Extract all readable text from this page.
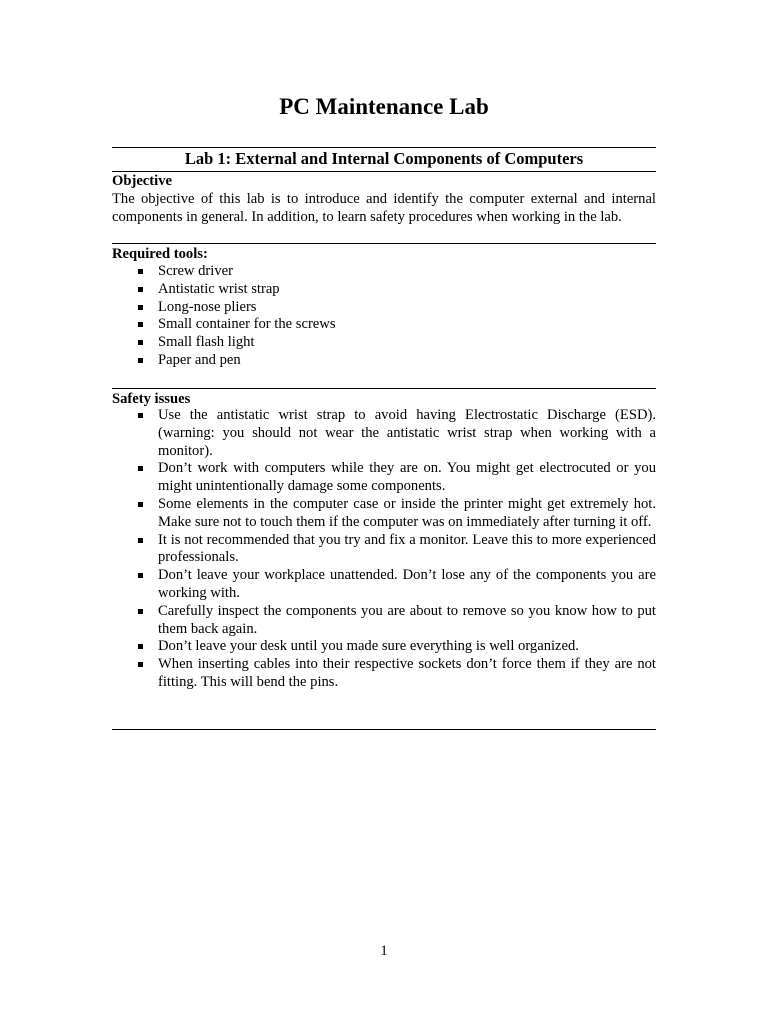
PC Maintenance Lab
Lab 1: External and Internal Components of Computers
Objective
The objective of this lab is to introduce and identify the computer external and internal components in general. In addition, to learn safety procedures when working in the lab.
Required tools:
Screw driver
Antistatic wrist strap
Long-nose pliers
Small container for the screws
Small flash light
Paper and pen
Safety issues
Use the antistatic wrist strap to avoid having Electrostatic Discharge (ESD). (warning: you should not wear the antistatic wrist strap when working with a monitor).
Don’t work with computers while they are on. You might get electrocuted or you might unintentionally damage some components.
Some elements in the computer case or inside the printer might get extremely hot. Make sure not to touch them if the computer was on immediately after turning it off.
It is not recommended that you try and fix a monitor. Leave this to more experienced professionals.
Don’t leave your workplace unattended. Don’t lose any of the components you are working with.
Carefully inspect the components you are about to remove so you know how to put them back again.
Don’t leave your desk until you made sure everything is well organized.
When inserting cables into their respective sockets don’t force them if they are not fitting. This will bend the pins.
1
